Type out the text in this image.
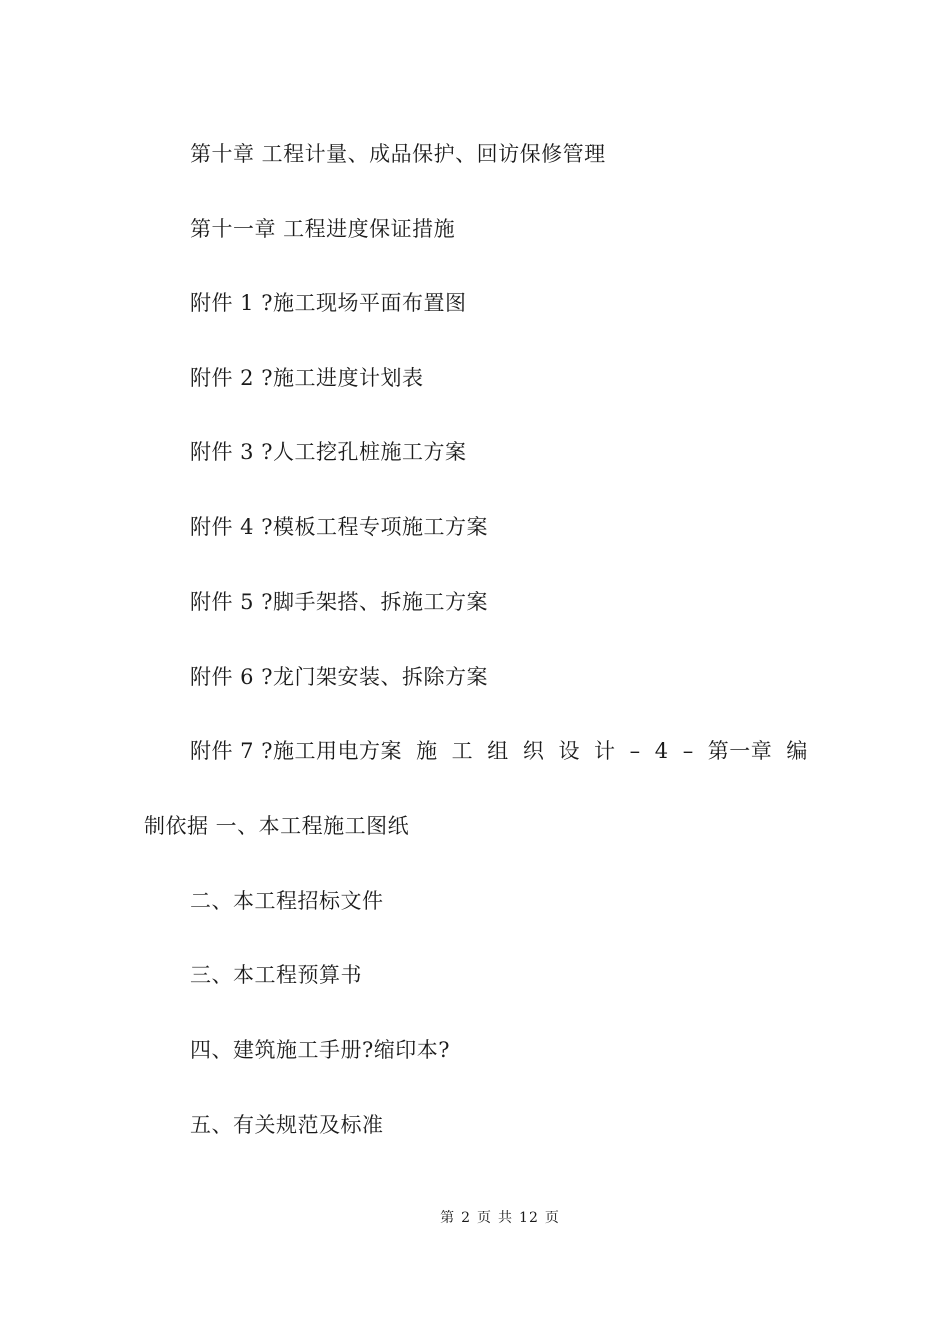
第十章 工程计量、成品保护、回访保修管理
第十一章 工程进度保证措施
附件 1 ?施工现场平面布置图
附件 2 ?施工进度计划表
附件 3 ?人工挖孔桩施工方案
附件 4 ?模板工程专项施工方案
附件 5 ?脚手架搭、拆施工方案
附件 6 ?龙门架安装、拆除方案
附件 7 ?施工用电方案 施 工 组 织 设 计 – 4 – 第一章 编
制依据 一、本工程施工图纸
二、本工程招标文件
三、本工程预算书
四、建筑施工手册?缩印本?
五、有关规范及标准
第 2 页 共 12 页
